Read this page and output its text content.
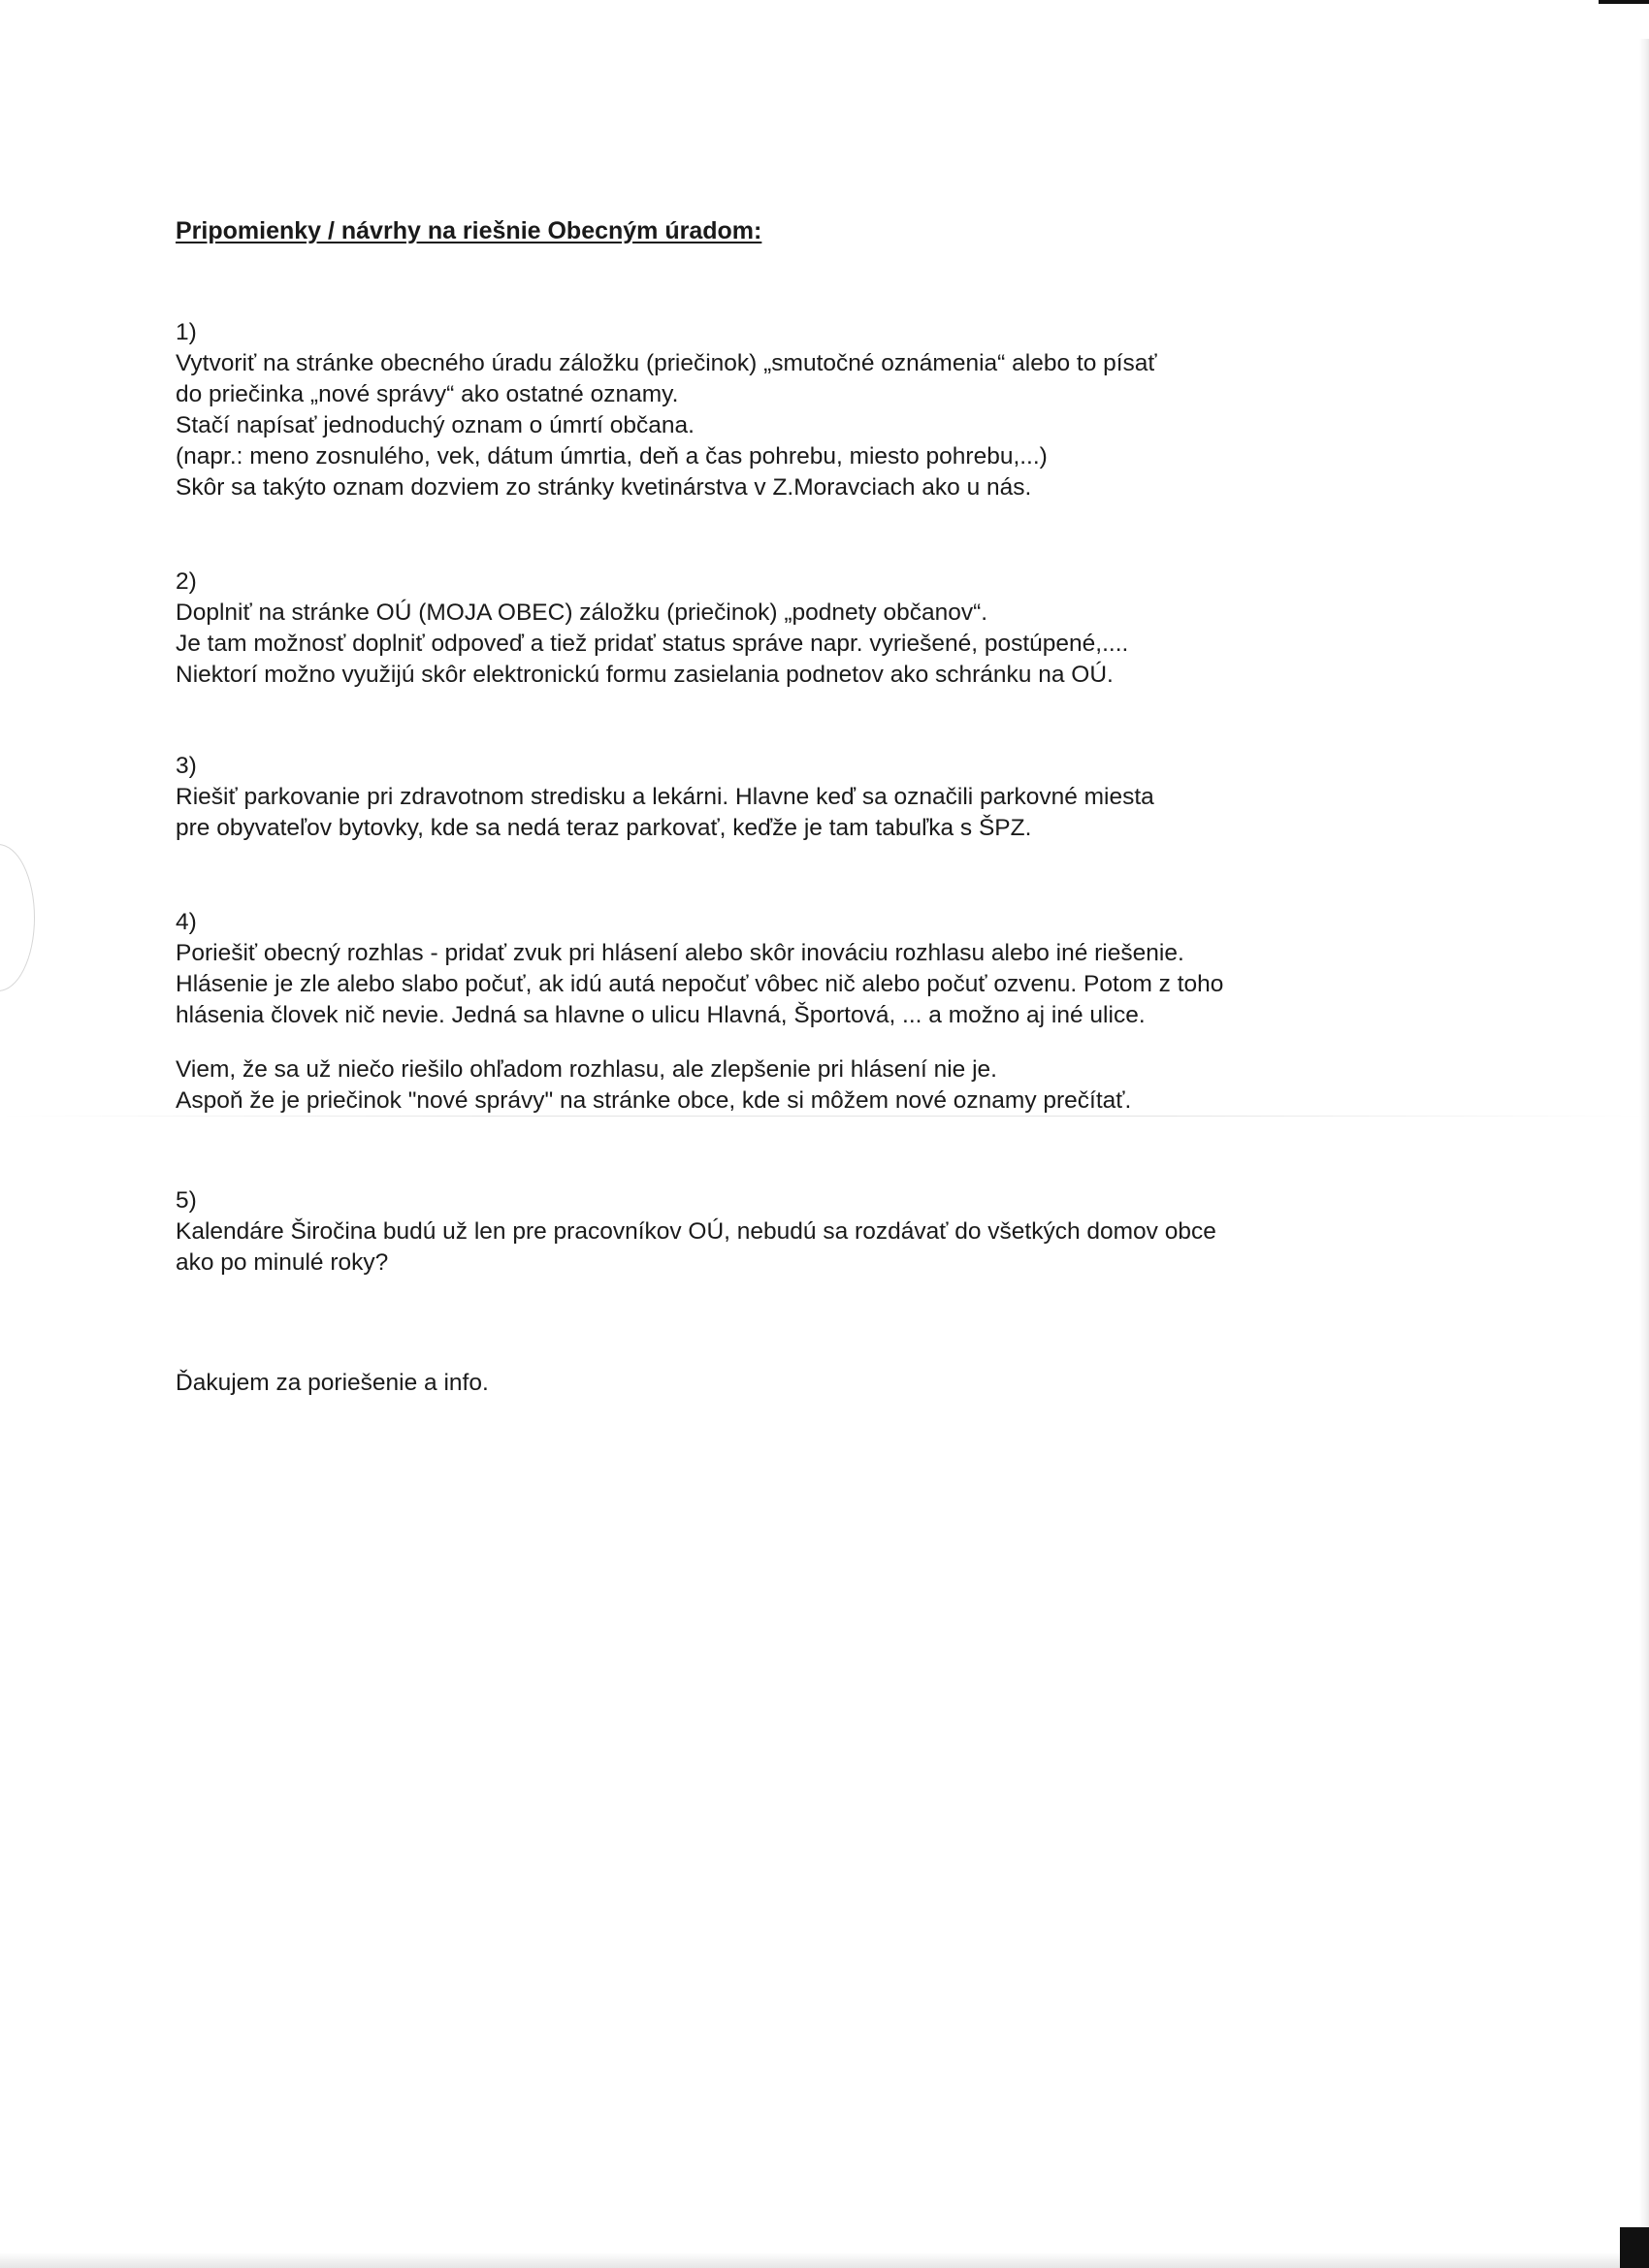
Pripomienky / návrhy na riešnie Obecným úradom:
1)
Vytvoriť na stránke obecného úradu záložku (priečinok) „smutočné oznámenia“ alebo to písať
do priečinka „nové správy“ ako ostatné oznamy.
Stačí napísať jednoduchý oznam o úmrtí občana.
(napr.: meno zosnulého, vek, dátum úmrtia, deň a čas pohrebu, miesto pohrebu,...)
Skôr sa takýto oznam dozviem zo stránky kvetinárstva v Z.Moravciach ako u nás.
2)
Doplniť na stránke OÚ (MOJA OBEC) záložku (priečinok) „podnety občanov“.
Je tam možnosť doplniť odpoveď a tiež pridať status správe napr. vyriešené, postúpené,....
Niektorí možno využijú skôr elektronickú formu zasielania podnetov ako schránku na OÚ.
3)
Riešiť parkovanie pri zdravotnom stredisku a lekárni. Hlavne keď sa označili parkovné miesta
pre obyvateľov bytovky, kde sa nedá teraz parkovať, keďže je tam tabuľka s ŠPZ.
4)
Poriešiť obecný rozhlas - pridať zvuk pri hlásení alebo skôr inováciu rozhlasu alebo iné riešenie.
Hlásenie je zle alebo slabo počuť, ak idú autá nepočuť vôbec nič alebo počuť ozvenu. Potom z toho
hlásenia človek nič nevie. Jedná sa hlavne o ulicu Hlavná, Športová, ... a možno aj iné ulice.
Viem, že sa už niečo riešilo ohľadom rozhlasu, ale zlepšenie pri hlásení nie je.
Aspoň že je priečinok "nové správy" na stránke obce, kde si môžem nové oznamy prečítať.
5)
Kalendáre Širočina budú už len pre pracovníkov OÚ, nebudú sa rozdávať do všetkých domov obce
ako po minulé roky?
Ďakujem za poriešenie a info.
